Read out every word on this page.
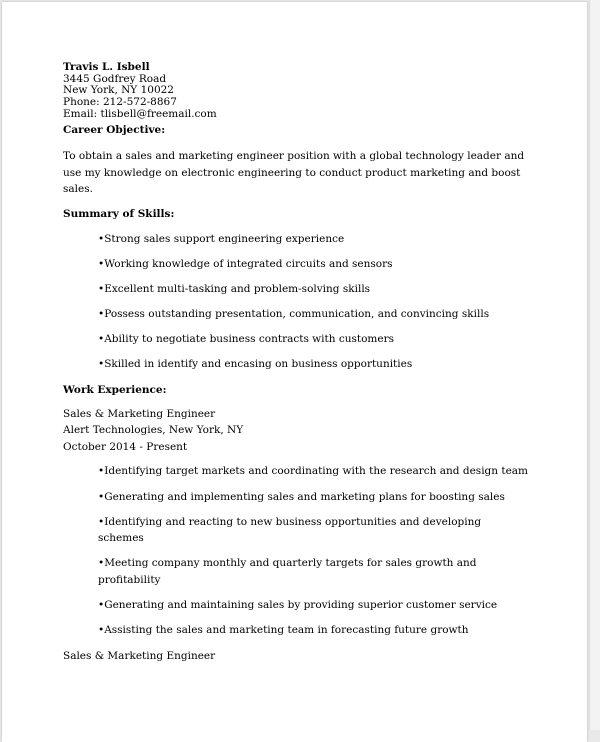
Travis L. Isbell
3445 Godfrey Road
New York, NY 10022
Phone: 212-572-8867
Email: tlisbell@freemail.com
Career Objective:
To obtain a sales and marketing engineer position with a global technology leader and
use my knowledge on electronic engineering to conduct product marketing and boost
sales.
Summary of Skills:
•Strong sales support engineering experience
•Working knowledge of integrated circuits and sensors
•Excellent multi-tasking and problem-solving skills
•Possess outstanding presentation, communication, and convincing skills
•Ability to negotiate business contracts with customers
•Skilled in identify and encasing on business opportunities
Work Experience:
Sales & Marketing Engineer
Alert Technologies, New York, NY
October 2014 - Present
•Identifying target markets and coordinating with the research and design team
•Generating and implementing sales and marketing plans for boosting sales
•Identifying and reacting to new business opportunities and developing
schemes
•Meeting company monthly and quarterly targets for sales growth and
profitability
•Generating and maintaining sales by providing superior customer service
•Assisting the sales and marketing team in forecasting future growth
Sales & Marketing Engineer
